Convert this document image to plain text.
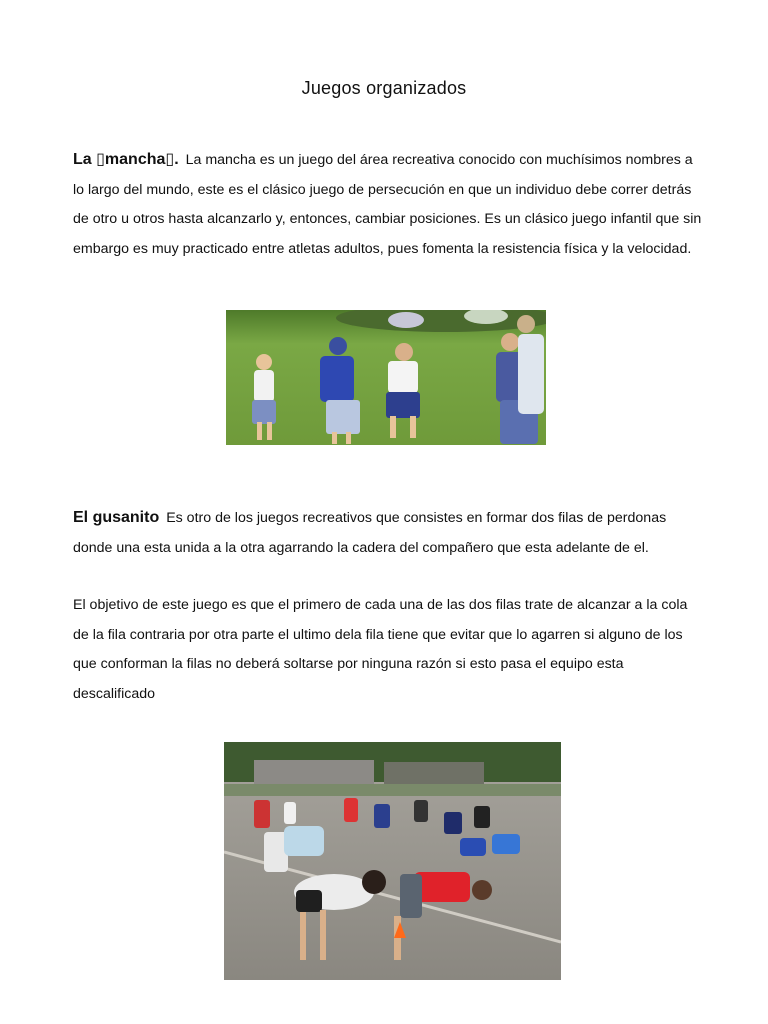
Juegos organizados

La ▯mancha▯. La mancha es un juego del área recreativa conocido con muchísimos nombres a lo largo del mundo, este es el clásico juego de persecución en que un individuo debe correr detrás de otro u otros hasta alcanzarlo y, entonces, cambiar posiciones. Es un clásico juego infantil que sin embargo es muy practicado entre atletas adultos, pues fomenta la resistencia física y la velocidad.

El gusanito Es otro de los juegos recreativos que consistes en formar dos filas de perdonas donde una esta unida a la otra agarrando la cadera del compañero que esta adelante de el.

El objetivo de este juego es que el primero de cada una de las dos filas trate de alcanzar a la cola de la fila contraria por otra parte el ultimo dela fila tiene que evitar que lo agarren si alguno de los que conforman la filas no deberá soltarse por ninguna razón si esto pasa el equipo esta descalificado
